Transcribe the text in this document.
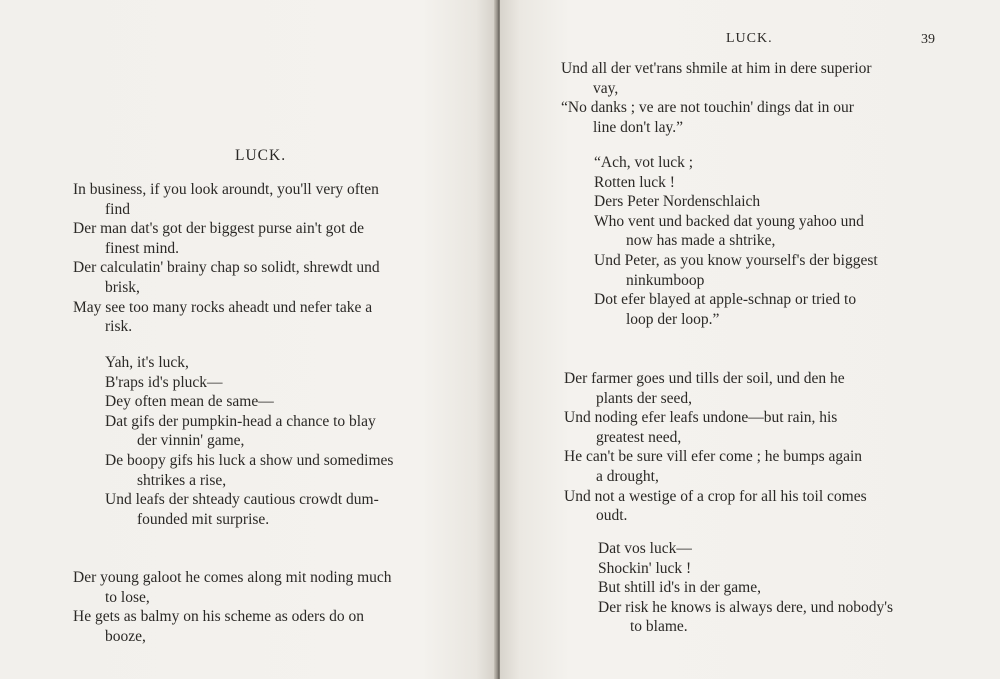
LUCK.
In business, if you look aroundt, you'll very often
find
Der man dat's got der biggest purse ain't got de
finest mind.
Der calculatin' brainy chap so solidt, shrewdt und
brisk,
May see too many rocks aheadt und nefer take a
risk.
Yah, it's luck,
B'raps id's pluck—
Dey often mean de same—
Dat gifs der pumpkin-head a chance to blay
der vinnin' game,
De boopy gifs his luck a show und somedimes
shtrikes a rise,
Und leafs der shteady cautious crowdt dum-
founded mit surprise.
Der young galoot he comes along mit noding much
to lose,
He gets as balmy on his scheme as oders do on
booze,
LUCK.	39
Und all der vet'rans shmile at him in dere superior
vay,
“No danks ; ve are not touchin' dings dat in our
line don't lay.”
“Ach, vot luck ;
Rotten luck !
Ders Peter Nordenschlaich
Who vent und backed dat young yahoo und
now has made a shtrike,
Und Peter, as you know yourself's der biggest
ninkumboop
Dot efer blayed at apple-schnap or tried to
loop der loop.”
Der farmer goes und tills der soil, und den he
plants der seed,
Und noding efer leafs undone—but rain, his
greatest need,
He can't be sure vill efer come ; he bumps again
a drought,
Und not a westige of a crop for all his toil comes
oudt.
Dat vos luck—
Shockin' luck !
But shtill id's in der game,
Der risk he knows is always dere, und nobody's
to blame.
